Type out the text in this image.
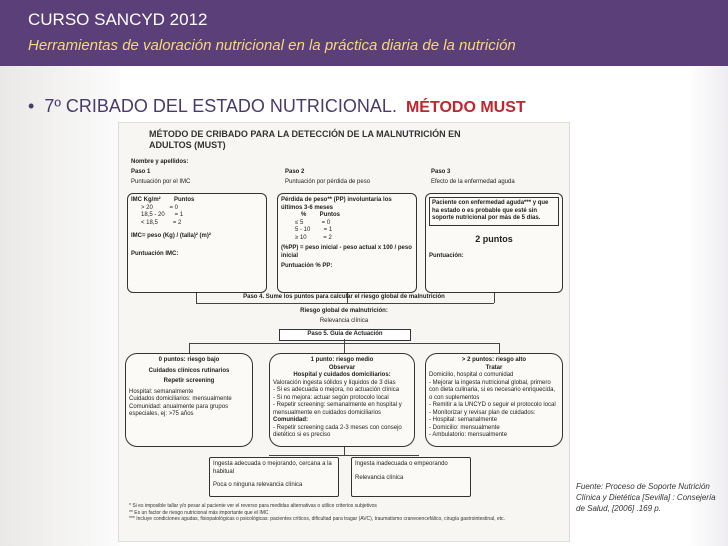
CURSO SANCYD 2012
Herramientas de valoración nutricional en la práctica diaria de la nutrición
• 7º CRIBADO DEL ESTADO NUTRICIONAL. MÉTODO MUST
MÉTODO DE CRIBADO PARA LA DETECCIÓN DE LA MALNUTRICIÓN EN ADULTOS (MUST)
Nombre y apellidos:
Paso 1
Puntuación por el IMC
Paso 2
Puntuación por pérdida de peso
Paso 3
Efecto de la enfermedad aguda
IMC Kg/m²        Puntos
> 20          = 0
18,5 - 20      = 1
< 18,5         = 2
IMC= peso (Kg) / (talla)² (m)²
Puntuación IMC:
Pérdida de peso** (PP) involuntaria los últimos 3-6 meses
%        Puntos
≤ 5           = 0
5 - 10        = 1
≥ 10          = 2
(%PP) = peso inicial - peso actual x 100 / peso inicial
Puntuación % PP:
Paciente con enfermedad aguda*** y que ha estado o es probable que esté sin soporte nutricional por más de 5 días.
2 puntos
Puntuación:
Paso 4. Sume los puntos para calcular el riesgo global de malnutrición
Riesgo global de malnutrición:
Relevancia clínica
Paso 5. Guía de Actuación
0 puntos: riesgo bajo
Cuidados clínicos rutinarios
Repetir screening
Hospital: semanalmente
Cuidados domiciliarios: mensualmente
Comunidad: anualmente para grupos especiales, ej: >75 años
1 punto: riesgo medio
Observar
Hospital y cuidados domiciliarios:
Valoración ingesta sólidos y líquidos de 3 días
- Si es adecuada o mejora, no actuación clínica
- Si no mejora: actuar según protocolo local
- Repetir screening: semanalmente en hospital y mensualmente en cuidados domiciliarios
Comunidad:
- Repetir screening cada 2-3 meses con consejo dietético si es preciso
> 2 puntos: riesgo alto
Tratar
Domicilio, hospital o comunidad
- Mejorar la ingesta nutricional global, primero con dieta culinaria, si es necesario enriquecida, o con suplementos
- Remitir a la UNCYD o seguir el protocolo local
- Monitorizar y revisar plan de cuidados:
- Hospital: semanalmente
- Domicilio: mensualmente
- Ambulatorio: mensualmente
Ingesta adecuada o mejorando, cercana a la habitual
Poca o ninguna relevancia clínica
Ingesta inadecuada o empeorando
Relevancia clínica
* Si es imposible tallar y/o pesar al paciente ver el reverso para medidas alternativas o utilice criterios subjetivos
** Es un factor de riesgo nutricional más importante que el IMC
*** Incluye condiciones agudas, fisiopatológicas o psicológicas: pacientes críticos, dificultad para tragar (AVC), traumatismo craneoencefálico, cirugía gastrointestinal, etc.
Fuente: Proceso de Soporte Nutrición Clínica y Dietética [Sevilla] : Consejería de Salud, [2006] .169 p.
